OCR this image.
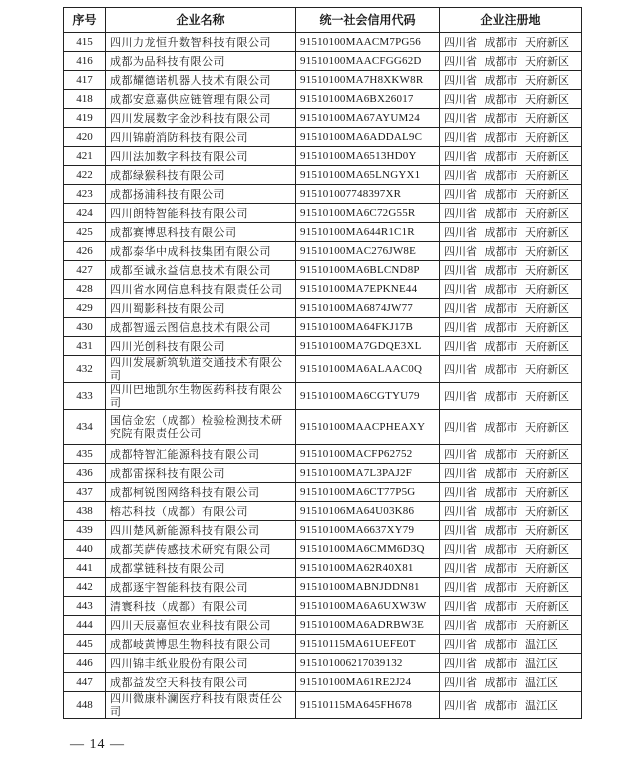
序号	企业名称	统一社会信用代码	企业注册地
415	四川力龙恒升数智科技有限公司	91510100MAACM7PG56	四川省 成都市 天府新区
416	成都为品科技有限公司	91510100MAACFGG62D	四川省 成都市 天府新区
417	成都耀德诺机器人技术有限公司	91510100MA7H8XKW8R	四川省 成都市 天府新区
418	成都安意嘉供应链管理有限公司	91510100MA6BX26017	四川省 成都市 天府新区
419	四川发展数字金沙科技有限公司	91510100MA67AYUM24	四川省 成都市 天府新区
420	四川锦蔚消防科技有限公司	91510100MA6ADDAL9C	四川省 成都市 天府新区
421	四川法加数字科技有限公司	91510100MA6513HD0Y	四川省 成都市 天府新区
422	成都绿猴科技有限公司	91510100MA65LNGYX1	四川省 成都市 天府新区
423	成都扬浦科技有限公司	915101007748397XR	四川省 成都市 天府新区
424	四川朗特智能科技有限公司	91510100MA6C72G55R	四川省 成都市 天府新区
425	成都赛博思科技有限公司	91510100MA644R1C1R	四川省 成都市 天府新区
426	成都泰华中成科技集团有限公司	91510100MAC276JW8E	四川省 成都市 天府新区
427	成都至诚永益信息技术有限公司	91510100MA6BLCND8P	四川省 成都市 天府新区
428	四川省水网信息科技有限责任公司	91510100MA7EPKNE44	四川省 成都市 天府新区
429	四川蜀影科技有限公司	91510100MA6874JW77	四川省 成都市 天府新区
430	成都智遥云图信息技术有限公司	91510100MA64FKJ17B	四川省 成都市 天府新区
431	四川光创科技有限公司	91510100MA7GDQE3XL	四川省 成都市 天府新区
432	四川发展新筑轨道交通技术有限公司	91510100MA6ALAAC0Q	四川省 成都市 天府新区
433	四川巴地凯尔生物医药科技有限公司	91510100MA6CGTYU79	四川省 成都市 天府新区
434	国信金宏（成都）检验检测技术研究院有限责任公司	91510100MAACPHEAXY	四川省 成都市 天府新区
435	成都特智汇能源科技有限公司	91510100MACFP62752	四川省 成都市 天府新区
436	成都雷探科技有限公司	91510100MA7L3PAJ2F	四川省 成都市 天府新区
437	成都柯锐图网络科技有限公司	91510100MA6CT77P5G	四川省 成都市 天府新区
438	榕芯科技（成都）有限公司	91510106MA64U03K86	四川省 成都市 天府新区
439	四川楚风新能源科技有限公司	91510100MA6637XY79	四川省 成都市 天府新区
440	成都芙萨传感技术研究有限公司	91510100MA6CMM6D3Q	四川省 成都市 天府新区
441	成都掌链科技有限公司	91510100MA62R40X81	四川省 成都市 天府新区
442	成都逐宇智能科技有限公司	91510100MABNJDDN81	四川省 成都市 天府新区
443	清寰科技（成都）有限公司	91510100MA6A6UXW3W	四川省 成都市 天府新区
444	四川天辰嘉恒农业科技有限公司	91510100MA6ADRBW3E	四川省 成都市 天府新区
445	成都岐黄博思生物科技有限公司	91510115MA61UEFE0T	四川省 成都市 温江区
446	四川锦丰纸业股份有限公司	915101006217039132	四川省 成都市 温江区
447	成都益发空天科技有限公司	91510100MA61RE2J24	四川省 成都市 温江区
448	四川微康朴澜医疗科技有限责任公司	91510115MA645FH678	四川省 成都市 温江区
— 14 —
